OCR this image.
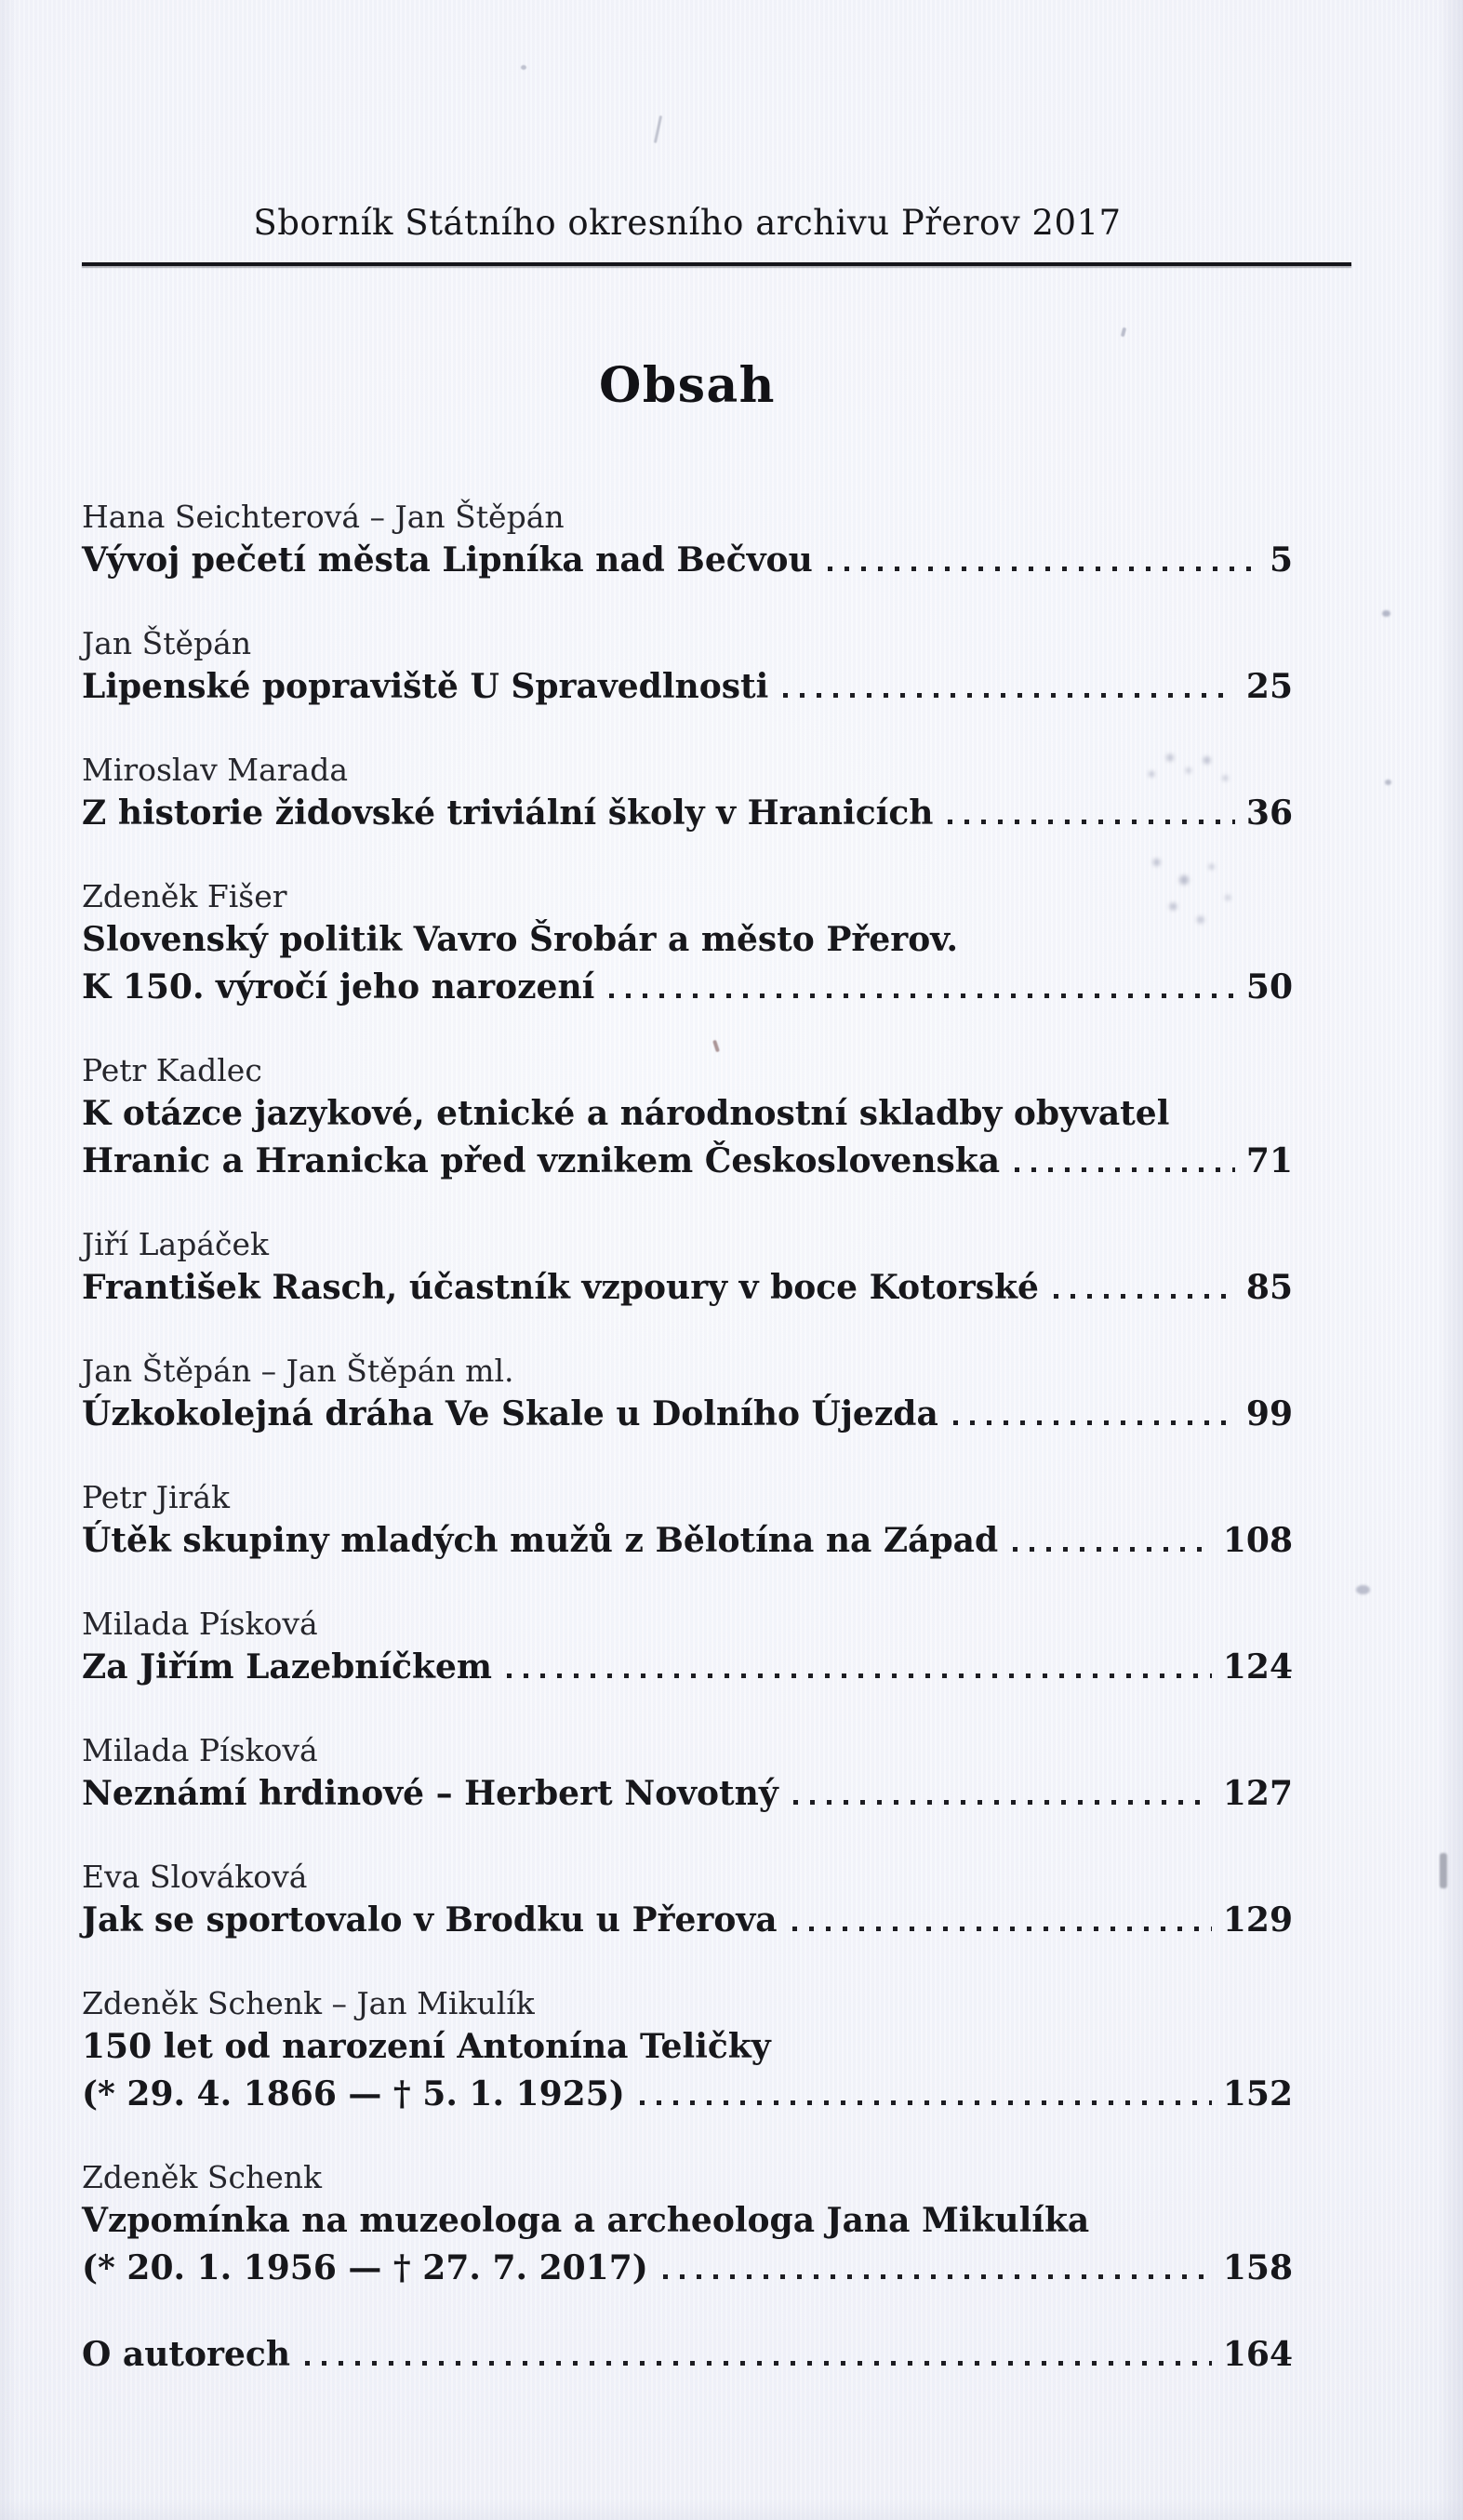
Sborník Státního okresního archivu Přerov 2017
Obsah
Hana Seichterová – Jan Štěpán
Vývoj pečetí města Lipníka nad Bečvou	5
Jan Štěpán
Lipenské popraviště U Spravedlnosti	25
Miroslav Marada
Z historie židovské triviální školy v Hranicích	36
Zdeněk Fišer
Slovenský politik Vavro Šrobár a město Přerov.
K 150. výročí jeho narození	50
Petr Kadlec
K otázce jazykové, etnické a národnostní skladby obyvatel
Hranic a Hranicka před vznikem Československa	71
Jiří Lapáček
František Rasch, účastník vzpoury v boce Kotorské	85
Jan Štěpán – Jan Štěpán ml.
Úzkokolejná dráha Ve Skale u Dolního Újezda	99
Petr Jirák
Útěk skupiny mladých mužů z Bělotína na Západ	108
Milada Písková
Za Jiřím Lazebníčkem	124
Milada Písková
Neznámí hrdinové – Herbert Novotný	127
Eva Slováková
Jak se sportovalo v Brodku u Přerova	129
Zdeněk Schenk – Jan Mikulík
150 let od narození Antonína Teličky
(* 29. 4. 1866 — † 5. 1. 1925)	152
Zdeněk Schenk
Vzpomínka na muzeologa a archeologa Jana Mikulíka
(* 20. 1. 1956 — † 27. 7. 2017)	158
O autorech	164
